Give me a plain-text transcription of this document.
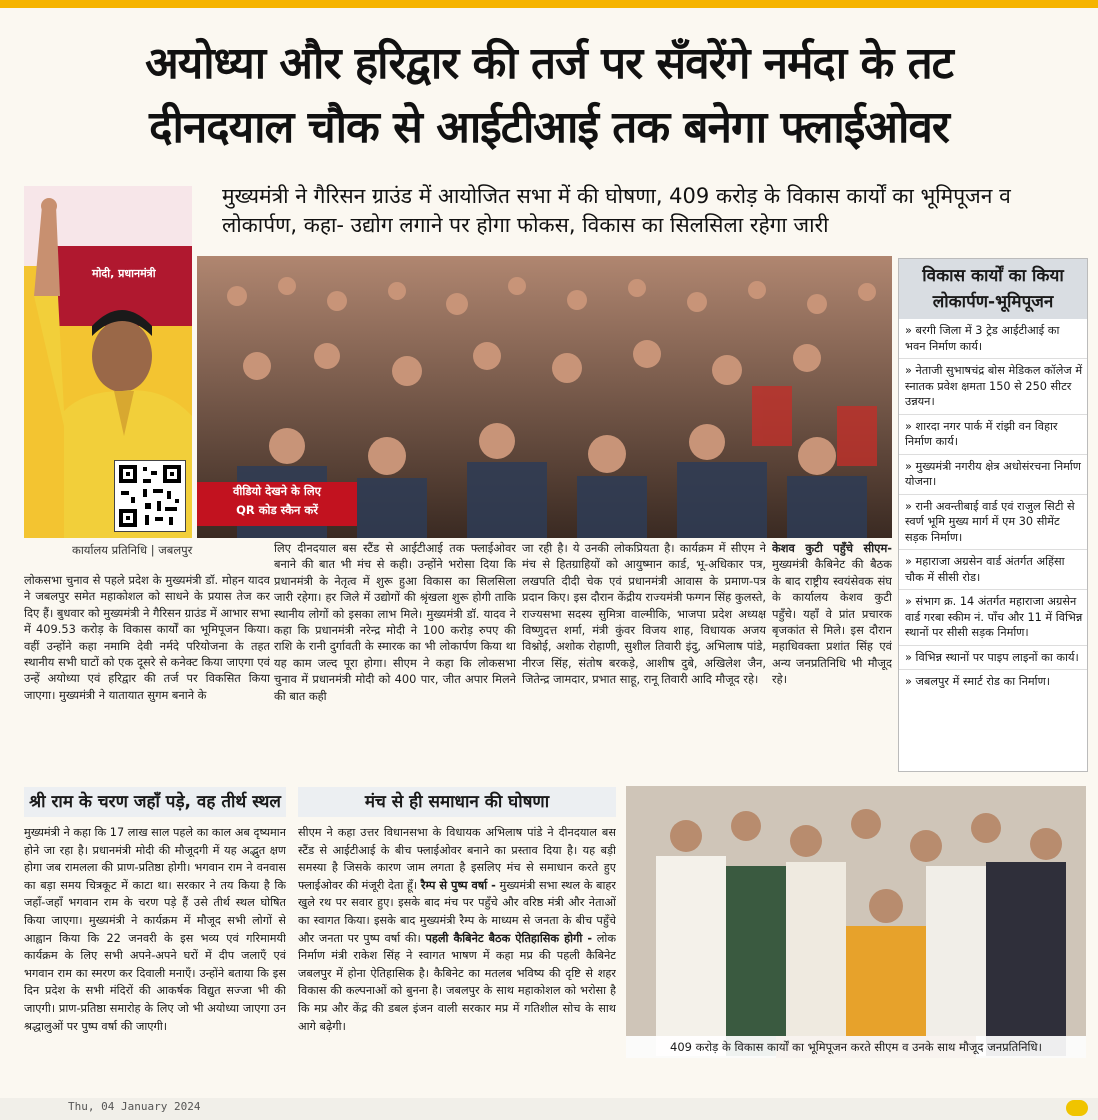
अयोध्या और हरिद्वार की तर्ज पर सँवरेंगे नर्मदा के तट
दीनदयाल चौक से आईटीआई तक बनेगा फ्लाईओवर
मुख्यमंत्री ने गैरिसन ग्राउंड में आयोजित सभा में की घोषणा, 409 करोड़ के विकास कार्यों का भूमिपूजन व लोकार्पण, कहा- उद्योग लगाने पर होगा फोकस, विकास का सिलसिला रहेगा जारी
मोदी, प्रधानमंत्री
वीडियो देखने के लिए
QR कोड स्कैन करें
कार्यालय प्रतिनिधि | जबलपुर
लोकसभा चुनाव से पहले प्रदेश के मुख्यमंत्री डॉ. मोहन यादव ने जबलपुर समेत महाकोशल को साधने के प्रयास तेज कर दिए हैं। बुधवार को मुख्यमंत्री ने गैरिसन ग्राउंड में आभार सभा में 409.53 करोड़ के विकास कार्यों का भूमिपूजन किया। वहीं उन्होंने कहा नमामि देवी नर्मदे परियोजना के तहत स्थानीय सभी घाटों को एक दूसरे से कनेक्ट किया जाएगा एवं उन्हें अयोध्या एवं हरिद्वार की तर्ज पर विकसित किया जाएगा। मुख्यमंत्री ने यातायात सुगम बनाने के
लिए दीनदयाल बस स्टैंड से आईटीआई तक फ्लाईओवर बनाने की बात भी मंच से कही। उन्होंने भरोसा दिया कि प्रधानमंत्री के नेतृत्व में शुरू हुआ विकास का सिलसिला जारी रहेगा। हर जिले में उद्योगों की श्रृंखला शुरू होगी ताकि स्थानीय लोगों को इसका लाभ मिले। मुख्यमंत्री डॉ. यादव ने कहा कि प्रधानमंत्री नरेन्द्र मोदी ने 100 करोड़ रुपए की राशि के रानी दुर्गावती के स्मारक का भी लोकार्पण किया था यह काम जल्द पूरा होगा। सीएम ने कहा कि लोकसभा चुनाव में प्रधानमंत्री मोदी को 400 पार, जीत अपार मिलने की बात कही
जा रही है। ये उनकी लोकप्रियता है। कार्यक्रम में सीएम ने मंच से हितग्राहियों को आयुष्मान कार्ड, भू-अधिकार पत्र, लखपति दीदी चेक एवं प्रधानमंत्री आवास के प्रमाण-पत्र प्रदान किए। इस दौरान केंद्रीय राज्यमंत्री फग्गन सिंह कुलस्ते, राज्यसभा सदस्य सुमित्रा वाल्मीकि, भाजपा प्रदेश अध्यक्ष विष्णुदत्त शर्मा, मंत्री कुंवर विजय शाह, विधायक अजय विश्नोई, अशोक रोहाणी, सुशील तिवारी इंदु, अभिलाष पांडे, नीरज सिंह, संतोष बरकड़े, आशीष दुबे, अखिलेश जैन, जितेन्द्र जामदार, प्रभात साहू, रानू तिवारी आदि मौजूद रहे।
केशव कुटी पहुँचे सीएम- मुख्यमंत्री कैबिनेट की बैठक के बाद राष्ट्रीय स्वयंसेवक संघ के कार्यालय केशव कुटी पहुँचे। यहाँ वे प्रांत प्रचारक बृजकांत से मिले। इस दौरान महाधिवक्ता प्रशांत सिंह एवं अन्य जनप्रतिनिधि भी मौजूद रहे।
विकास कार्यों का किया लोकार्पण-भूमिपूजन
» बरगी जिला में 3 ट्रेड आईटीआई का भवन निर्माण कार्य।
» नेताजी सुभाषचंद्र बोस मेडिकल कॉलेज में स्नातक प्रवेश क्षमता 150 से 250 सीटर उन्नयन।
» शारदा नगर पार्क में रांझी वन विहार निर्माण कार्य।
» मुख्यमंत्री नगरीय क्षेत्र अधोसंरचना निर्माण योजना।
» रानी अवन्तीबाई वार्ड एवं राजुल सिटी से स्वर्ण भूमि मुख्य मार्ग में एम 30 सीमेंट सड़क निर्माण।
» महाराजा अग्रसेन वार्ड अंतर्गत अहिंसा चौक में सीसी रोड।
» संभाग क्र. 14 अंतर्गत महाराजा अग्रसेन वार्ड गरबा स्कीम नं. पाँच और 11 में विभिन्न स्थानों पर सीसी सड़क निर्माण।
» विभिन्न स्थानों पर पाइप लाइनों का कार्य।
» जबलपुर में स्मार्ट रोड का निर्माण।
श्री राम के चरण जहाँ पड़े, वह तीर्थ स्थल
मुख्यमंत्री ने कहा कि 17 लाख साल पहले का काल अब दृष्यमान होने जा रहा है। प्रधानमंत्री मोदी की मौजूदगी में यह अद्भुत क्षण होगा जब रामलला की प्राण-प्रतिष्ठा होगी। भगवान राम ने वनवास का बड़ा समय चित्रकूट में काटा था। सरकार ने तय किया है कि जहाँ-जहाँ भगवान राम के चरण पड़े हैं उसे तीर्थ स्थल घोषित किया जाएगा। मुख्यमंत्री ने कार्यक्रम में मौजूद सभी लोगों से आह्वान किया कि 22 जनवरी के इस भव्य एवं गरिमामयी कार्यक्रम के लिए सभी अपने-अपने घरों में दीप जलाएँ एवं भगवान राम का स्मरण कर दिवाली मनाएँ। उन्होंने बताया कि इस दिन प्रदेश के सभी मंदिरों की आकर्षक विद्युत सज्जा भी की जाएगी। प्राण-प्रतिष्ठा समारोह के लिए जो भी अयोध्या जाएगा उन श्रद्धालुओं पर पुष्प वर्षा की जाएगी।
मंच से ही समाधान की घोषणा
सीएम ने कहा उत्तर विधानसभा के विधायक अभिलाष पांडे ने दीनदयाल बस स्टैंड से आईटीआई के बीच फ्लाईओवर बनाने का प्रस्ताव दिया है। यह बड़ी समस्या है जिसके कारण जाम लगता है इसलिए मंच से समाधान करते हुए फ्लाईओवर की मंजूरी देता हूँ। रैम्प से पुष्प वर्षा - मुख्यमंत्री सभा स्थल के बाहर खुले रथ पर सवार हुए। इसके बाद मंच पर पहुँचे और वरिष्ठ मंत्री और नेताओं का स्वागत किया। इसके बाद मुख्यमंत्री रैम्प के माध्यम से जनता के बीच पहुँचे और जनता पर पुष्प वर्षा की। पहली कैबिनेट बैठक ऐतिहासिक होगी - लोक निर्माण मंत्री राकेश सिंह ने स्वागत भाषण में कहा मप्र की पहली कैबिनेट जबलपुर में होना ऐतिहासिक है। कैबिनेट का मतलब भविष्य की दृष्टि से शहर विकास की कल्पनाओं को बुनना है। जबलपुर के साथ महाकोशल को भरोसा है कि मप्र और केंद्र की डबल इंजन वाली सरकार मप्र में गतिशील सोच के साथ आगे बढ़ेगी।
409 करोड़ के विकास कार्यों का भूमिपूजन करते सीएम व उनके साथ मौजूद जनप्रतिनिधि।
Thu, 04 January 2024
